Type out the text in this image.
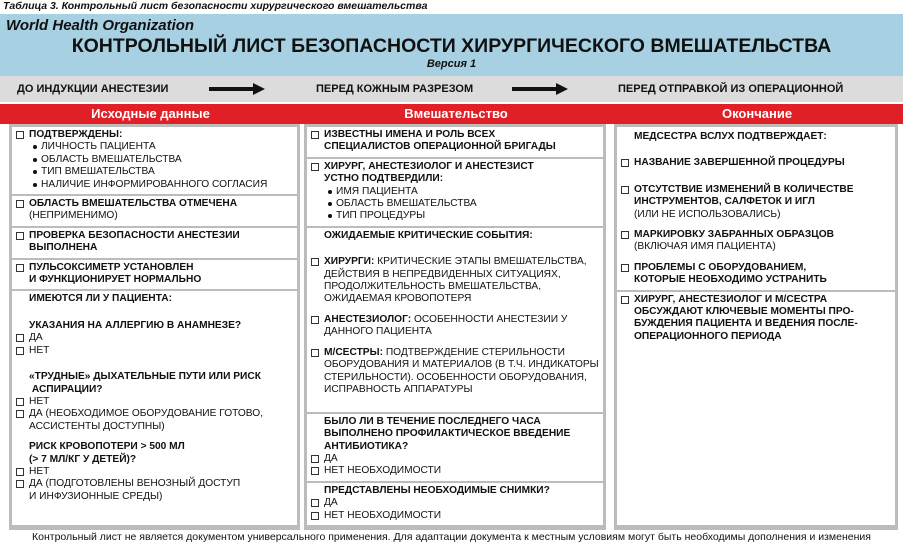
Таблица 3. Контрольный лист безопасности хирургического вмешательства
World Health Organization
КОНТРОЛЬНЫЙ ЛИСТ БЕЗОПАСНОСТИ ХИРУРГИЧЕСКОГО ВМЕШАТЕЛЬСТВА
Версия 1
ДО ИНДУКЦИИ АНЕСТЕЗИИ	ПЕРЕД КОЖНЫМ РАЗРЕЗОМ	ПЕРЕД ОТПРАВКОЙ ИЗ ОПЕРАЦИОННОЙ
Исходные данные	Вмешательство	Окончание
ПОДТВЕРЖДЕНЫ:
ЛИЧНОСТЬ ПАЦИЕНТА
ОБЛАСТЬ ВМЕШАТЕЛЬСТВА
ТИП ВМЕШАТЕЛЬСТВА
НАЛИЧИЕ ИНФОРМИРОВАННОГО СОГЛАСИЯ
ОБЛАСТЬ ВМЕШАТЕЛЬСТВА ОТМЕЧЕНА
(НЕПРИМЕНИМО)
ПРОВЕРКА БЕЗОПАСНОСТИ АНЕСТЕЗИИ
ВЫПОЛНЕНА
ПУЛЬСОКСИМЕТР УСТАНОВЛЕН
И ФУНКЦИОНИРУЕТ НОРМАЛЬНО
ИМЕЮТСЯ ЛИ У ПАЦИЕНТА:
УКАЗАНИЯ НА АЛЛЕРГИЮ В АНАМНЕЗЕ?
ДА
НЕТ
«ТРУДНЫЕ» ДЫХАТЕЛЬНЫЕ ПУТИ ИЛИ РИСК
АСПИРАЦИИ?
НЕТ
ДА (НЕОБХОДИМОЕ ОБОРУДОВАНИЕ ГОТОВО,
АССИСТЕНТЫ ДОСТУПНЫ)
РИСК КРОВОПОТЕРИ > 500 МЛ
(> 7 МЛ/КГ У ДЕТЕЙ)?
НЕТ
ДА (ПОДГОТОВЛЕНЫ ВЕНОЗНЫЙ ДОСТУП
И ИНФУЗИОННЫЕ СРЕДЫ)
ИЗВЕСТНЫ ИМЕНА И РОЛЬ ВСЕХ
СПЕЦИАЛИСТОВ ОПЕРАЦИОННОЙ БРИГАДЫ
ХИРУРГ, АНЕСТЕЗИОЛОГ И АНЕСТЕЗИСТ
УСТНО ПОДТВЕРДИЛИ:
ИМЯ ПАЦИЕНТА
ОБЛАСТЬ ВМЕШАТЕЛЬСТВА
ТИП ПРОЦЕДУРЫ
ОЖИДАЕМЫЕ КРИТИЧЕСКИЕ СОБЫТИЯ:
ХИРУРГИ: КРИТИЧЕСКИЕ ЭТАПЫ ВМЕШАТЕЛЬСТВА, ДЕЙСТВИЯ В НЕПРЕДВИДЕННЫХ СИТУАЦИЯХ, ПРОДОЛЖИТЕЛЬНОСТЬ ВМЕШАТЕЛЬСТВА, ОЖИДАЕМАЯ КРОВОПОТЕРЯ
АНЕСТЕЗИОЛОГ: ОСОБЕННОСТИ АНЕСТЕЗИИ У ДАННОГО ПАЦИЕНТА
М/СЕСТРЫ: ПОДТВЕРЖДЕНИЕ СТЕРИЛЬНОСТИ ОБОРУДОВАНИЯ И МАТЕРИАЛОВ (В Т.Ч. ИНДИКАТОРЫ СТЕРИЛЬНОСТИ). ОСОБЕННОСТИ ОБОРУДОВАНИЯ, ИСПРАВНОСТЬ АППАРАТУРЫ
БЫЛО ЛИ В ТЕЧЕНИЕ ПОСЛЕДНЕГО ЧАСА
ВЫПОЛНЕНО ПРОФИЛАКТИЧЕСКОЕ ВВЕДЕНИЕ
АНТИБИОТИКА?
ДА
НЕТ НЕОБХОДИМОСТИ
ПРЕДСТАВЛЕНЫ НЕОБХОДИМЫЕ СНИМКИ?
ДА
НЕТ НЕОБХОДИМОСТИ
МЕДСЕСТРА ВСЛУХ ПОДТВЕРЖДАЕТ:
НАЗВАНИЕ ЗАВЕРШЕННОЙ ПРОЦЕДУРЫ
ОТСУТСТВИЕ ИЗМЕНЕНИЙ В КОЛИЧЕСТВЕ
ИНСТРУМЕНТОВ, САЛФЕТОК И ИГЛ
(ИЛИ НЕ ИСПОЛЬЗОВАЛИСЬ)
МАРКИРОВКУ ЗАБРАННЫХ ОБРАЗЦОВ
(ВКЛЮЧАЯ ИМЯ ПАЦИЕНТА)
ПРОБЛЕМЫ С ОБОРУДОВАНИЕМ,
КОТОРЫЕ НЕОБХОДИМО УСТРАНИТЬ
ХИРУРГ, АНЕСТЕЗИОЛОГ И М/СЕСТРА
ОБСУЖДАЮТ КЛЮЧЕВЫЕ МОМЕНТЫ ПРО-
БУЖДЕНИЯ ПАЦИЕНТА И ВЕДЕНИЯ ПОСЛЕ-
ОПЕРАЦИОННОГО ПЕРИОДА
Контрольный лист не является документом универсального применения. Для адаптации документа к местным условиям могут быть необходимы дополнения и изменения
